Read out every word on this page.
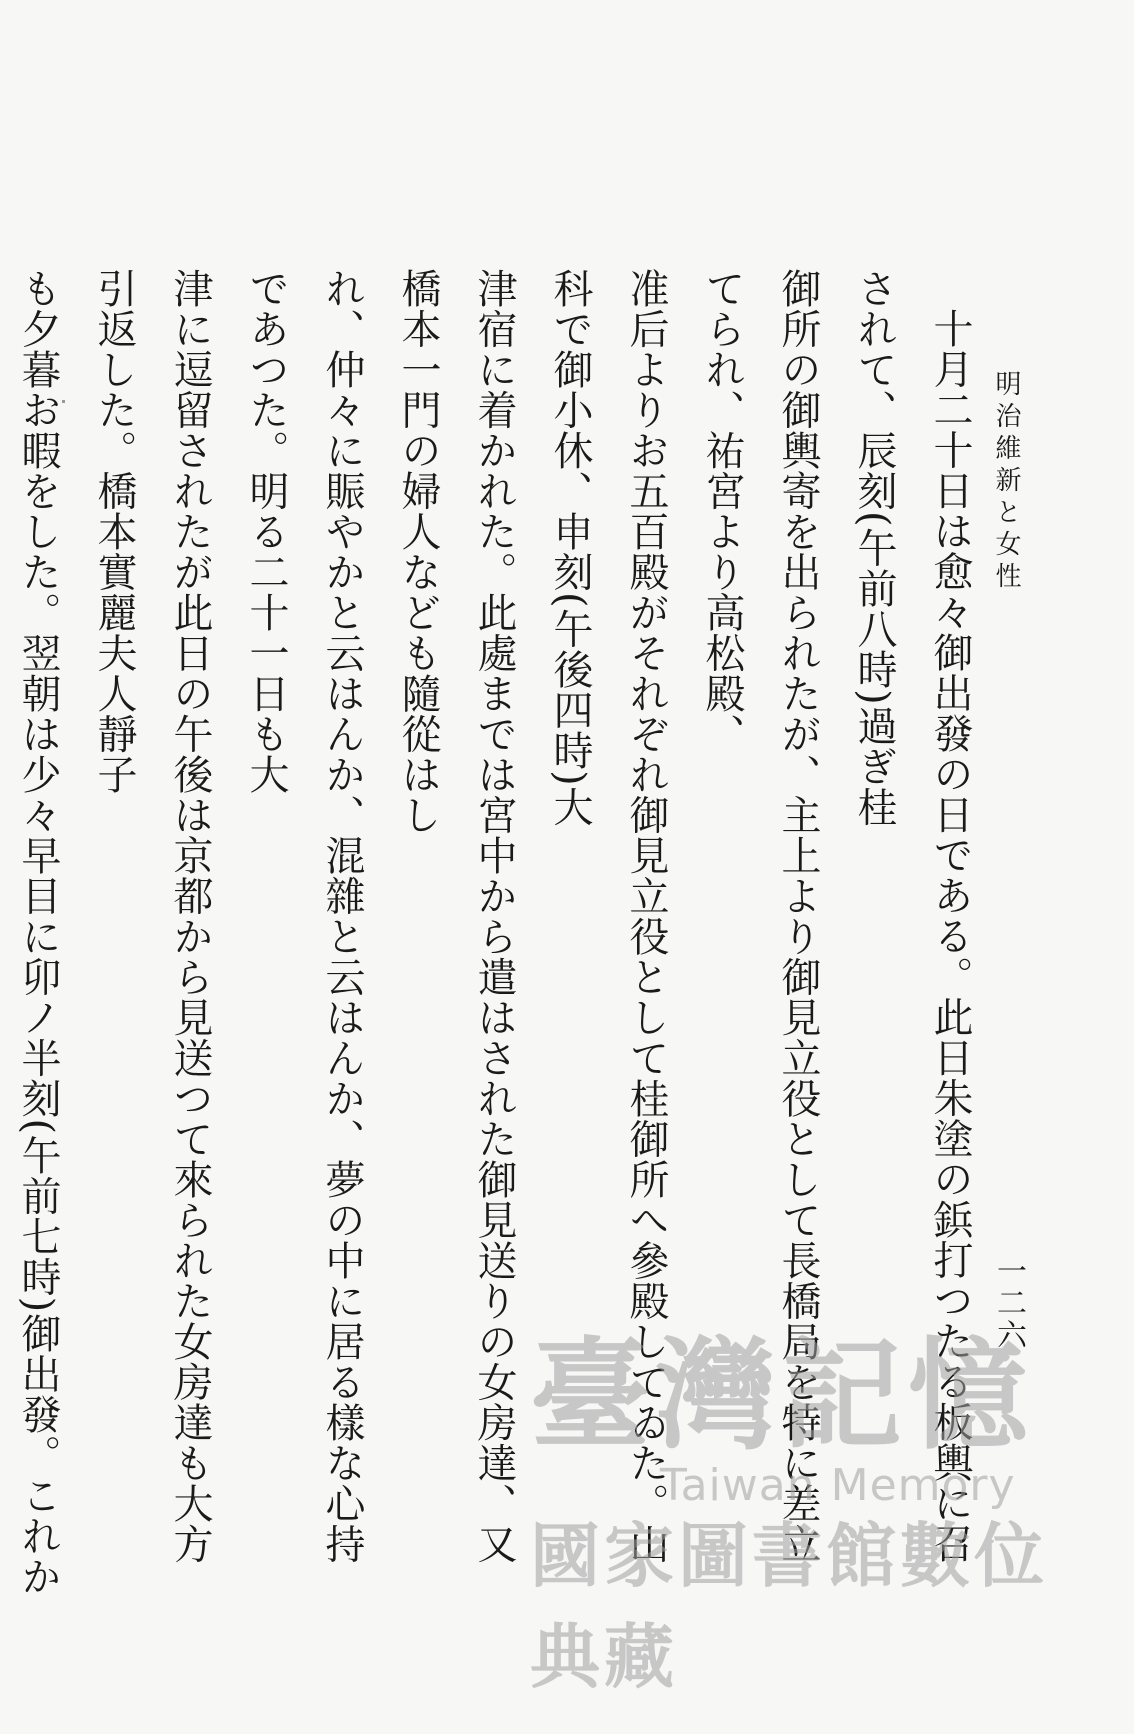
明治維新と女性
一二六
十月二十日は愈々御出發の日である。此日朱塗の鋲打つたる板輿に召されて、辰刻(午前八時)過ぎ桂
御所の御輿寄を出られたが、主上より御見立役として長橋局を特に差立てられ、祐宮より高松殿、
准后よりお五百殿がそれぞれ御見立役として桂御所へ參殿してゐた。山科で御小休、申刻(午後四時)大
津宿に着かれた。此處までは宮中から遣はされた御見送りの女房達、又橋本一門の婦人なども隨從はし
れ、仲々に賑やかと云はんか、混雜と云はんか、夢の中に居る樣な心持であつた。明る二十一日も大
津に逗留されたが此日の午後は京都から見送つて來られた女房達も大方引返した。橋本實麗夫人靜子
も夕暮お暇をした。翌朝は少々早目に卯ノ半刻(午前七時)御出發。これか
臺灣記憶
Taiwan Memory
國家圖書館數位典藏
